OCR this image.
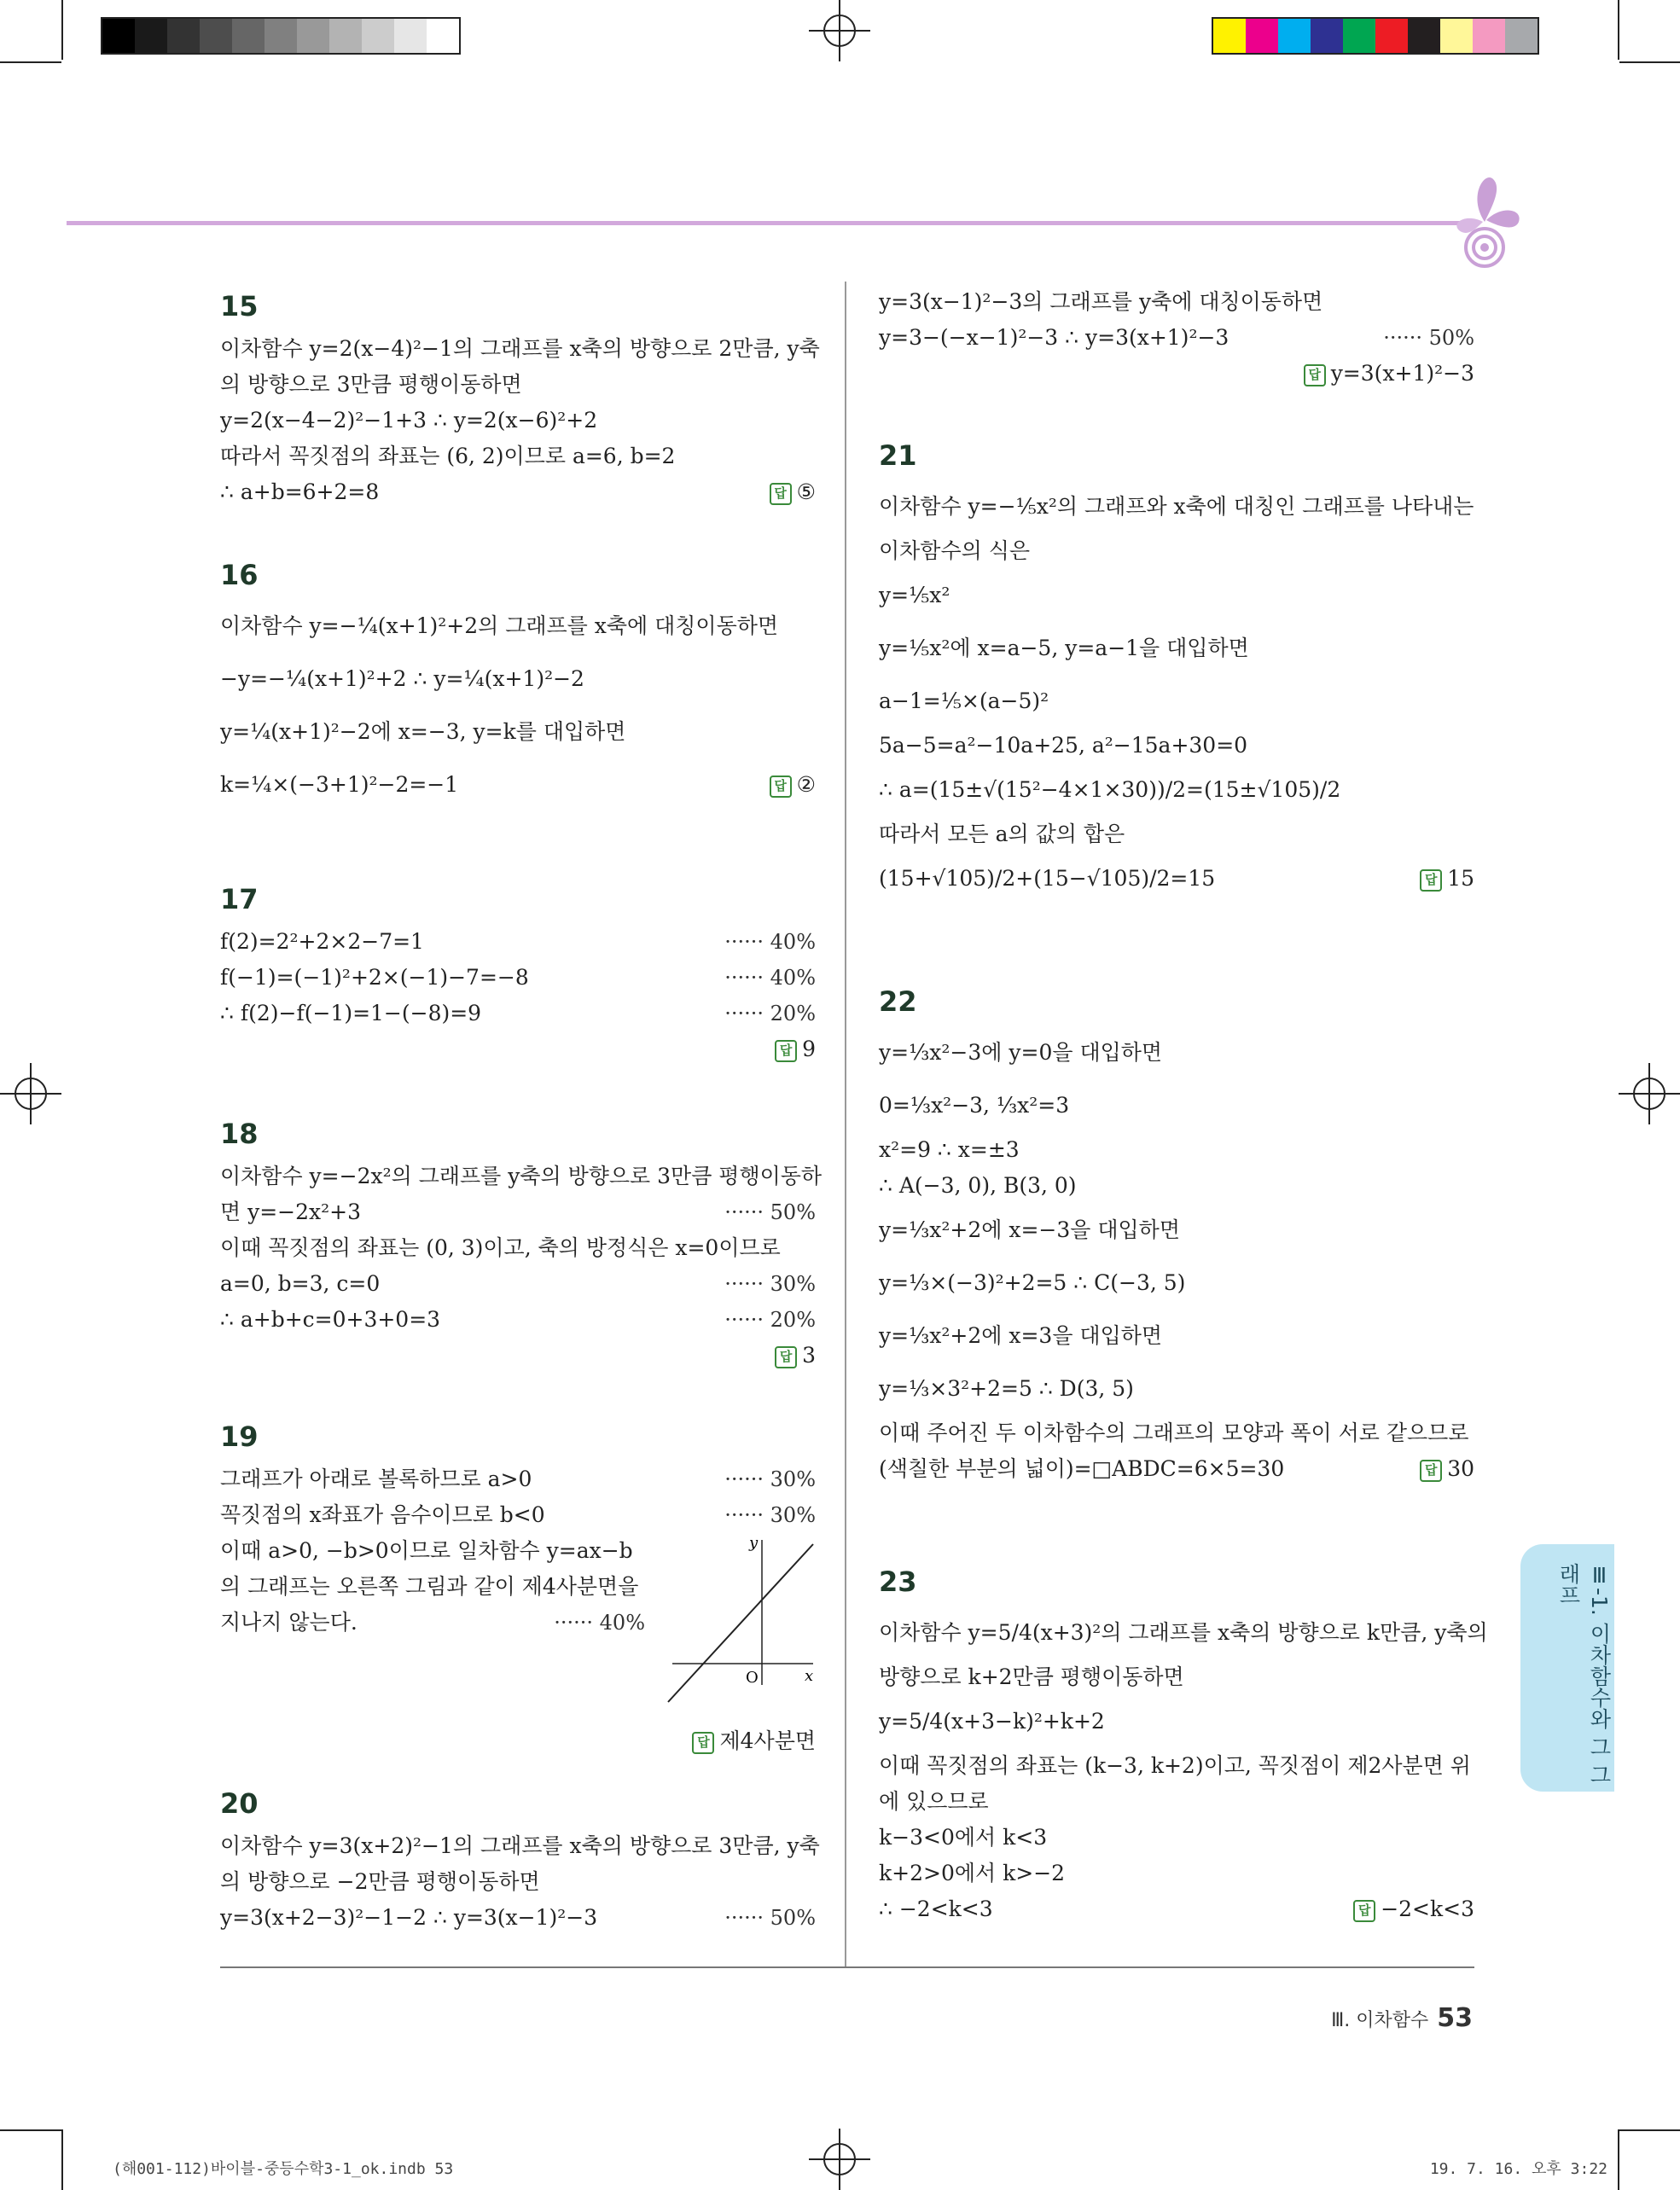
15
이차함수 y=2(x−4)²−1의 그래프를 x축의 방향으로 2만큼, y축
의 방향으로 3만큼 평행이동하면
y=2(x−4−2)²−1+3 ∴ y=2(x−6)²+2
따라서 꼭짓점의 좌표는 (6, 2)이므로 a=6, b=2
∴ a+b=6+2=8	답 ⑤
16
이차함수 y=−¼(x+1)²+2의 그래프를 x축에 대칭이동하면
−y=−¼(x+1)²+2 ∴ y=¼(x+1)²−2
y=¼(x+1)²−2에 x=−3, y=k를 대입하면
k=¼×(−3+1)²−2=−1	답 ②
17
f(2)=2²+2×2−7=1	······ 40%
f(−1)=(−1)²+2×(−1)−7=−8	······ 40%
∴ f(2)−f(−1)=1−(−8)=9	······ 20%
답 9
18
이차함수 y=−2x²의 그래프를 y축의 방향으로 3만큼 평행이동하
면 y=−2x²+3	······ 50%
이때 꼭짓점의 좌표는 (0, 3)이고, 축의 방정식은 x=0이므로
a=0, b=3, c=0	······ 30%
∴ a+b+c=0+3+0=3	······ 20%
답 3
19
그래프가 아래로 볼록하므로 a>0	······ 30%
꼭짓점의 x좌표가 음수이므로 b<0	······ 30%
이때 a>0, −b>0이므로 일차함수 y=ax−b
의 그래프는 오른쪽 그림과 같이 제4사분면을
지나지 않는다.	······ 40%
y
x
O
답 제4사분면
20
이차함수 y=3(x+2)²−1의 그래프를 x축의 방향으로 3만큼, y축
의 방향으로 −2만큼 평행이동하면
y=3(x+2−3)²−1−2 ∴ y=3(x−1)²−3	······ 50%
y=3(x−1)²−3의 그래프를 y축에 대칭이동하면
y=3−(−x−1)²−3 ∴ y=3(x+1)²−3	······ 50%
답 y=3(x+1)²−3
21
이차함수 y=−⅕x²의 그래프와 x축에 대칭인 그래프를 나타내는
이차함수의 식은
y=⅕x²
y=⅕x²에 x=a−5, y=a−1을 대입하면
a−1=⅕×(a−5)²
5a−5=a²−10a+25, a²−15a+30=0
∴ a=(15±√(15²−4×1×30))/2=(15±√105)/2
따라서 모든 a의 값의 합은
(15+√105)/2+(15−√105)/2=15	답 15
22
y=⅓x²−3에 y=0을 대입하면
0=⅓x²−3, ⅓x²=3
x²=9 ∴ x=±3
∴ A(−3, 0), B(3, 0)
y=⅓x²+2에 x=−3을 대입하면
y=⅓×(−3)²+2=5 ∴ C(−3, 5)
y=⅓x²+2에 x=3을 대입하면
y=⅓×3²+2=5 ∴ D(3, 5)
이때 주어진 두 이차함수의 그래프의 모양과 폭이 서로 같으므로
(색칠한 부분의 넓이)=□ABDC=6×5=30	답 30
23
이차함수 y=5/4(x+3)²의 그래프를 x축의 방향으로 k만큼, y축의
방향으로 k+2만큼 평행이동하면
y=5/4(x+3−k)²+k+2
이때 꼭짓점의 좌표는 (k−3, k+2)이고, 꼭짓점이 제2사분면 위
에 있으므로
k−3<0에서 k<3
k+2>0에서 k>−2
∴ −2<k<3	답 −2<k<3
Ⅲ-1. 이차함수와 그 그래프
Ⅲ. 이차함수 53
(해001-112)바이블-중등수학3-1_ok.indb 53	19. 7. 16. 오후 3:22
